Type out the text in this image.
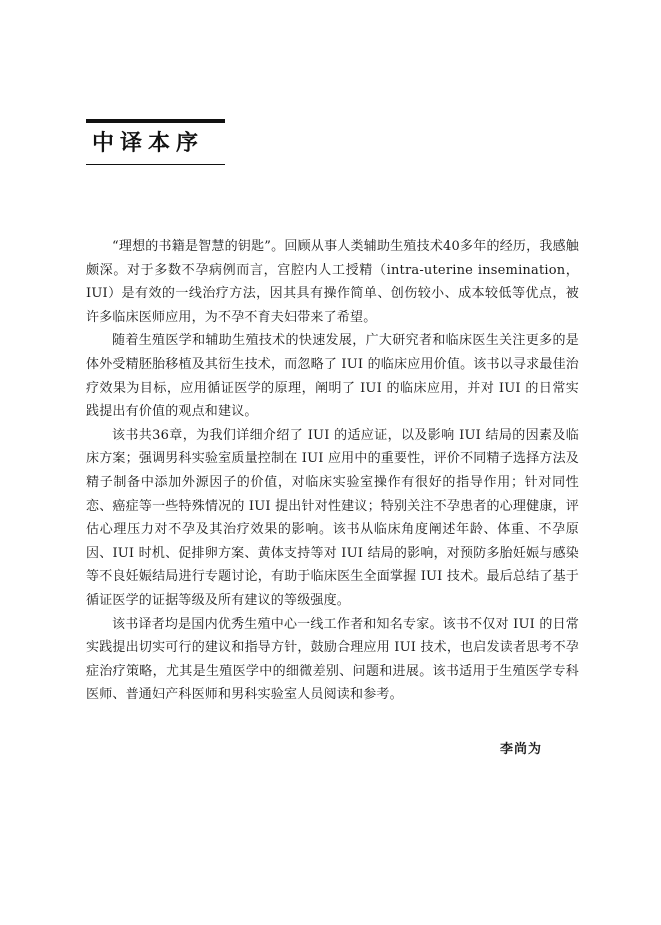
中译本序

“理想的书籍是智慧的钥匙”。回顾从事人类辅助生殖技术40多年的经历，我感触颇深。对于多数不孕病例而言，宫腔内人工授精（intra-uterine insemination，IUI）是有效的一线治疗方法，因其具有操作简单、创伤较小、成本较低等优点，被许多临床医师应用，为不孕不育夫妇带来了希望。

随着生殖医学和辅助生殖技术的快速发展，广大研究者和临床医生关注更多的是体外受精胚胎移植及其衍生技术，而忽略了 IUI 的临床应用价值。该书以寻求最佳治疗效果为目标，应用循证医学的原理，阐明了 IUI 的临床应用，并对 IUI 的日常实践提出有价值的观点和建议。

该书共36章，为我们详细介绍了 IUI 的适应证，以及影响 IUI 结局的因素及临床方案；强调男科实验室质量控制在 IUI 应用中的重要性，评价不同精子选择方法及精子制备中添加外源因子的价值，对临床实验室操作有很好的指导作用；针对同性恋、癌症等一些特殊情况的 IUI 提出针对性建议；特别关注不孕患者的心理健康，评估心理压力对不孕及其治疗效果的影响。该书从临床角度阐述年龄、体重、不孕原因、IUI 时机、促排卵方案、黄体支持等对 IUI 结局的影响，对预防多胎妊娠与感染等不良妊娠结局进行专题讨论，有助于临床医生全面掌握 IUI 技术。最后总结了基于循证医学的证据等级及所有建议的等级强度。

该书译者均是国内优秀生殖中心一线工作者和知名专家。该书不仅对 IUI 的日常实践提出切实可行的建议和指导方针，鼓励合理应用 IUI 技术，也启发读者思考不孕症治疗策略，尤其是生殖医学中的细微差别、问题和进展。该书适用于生殖医学专科医师、普通妇产科医师和男科实验室人员阅读和参考。

李尚为
